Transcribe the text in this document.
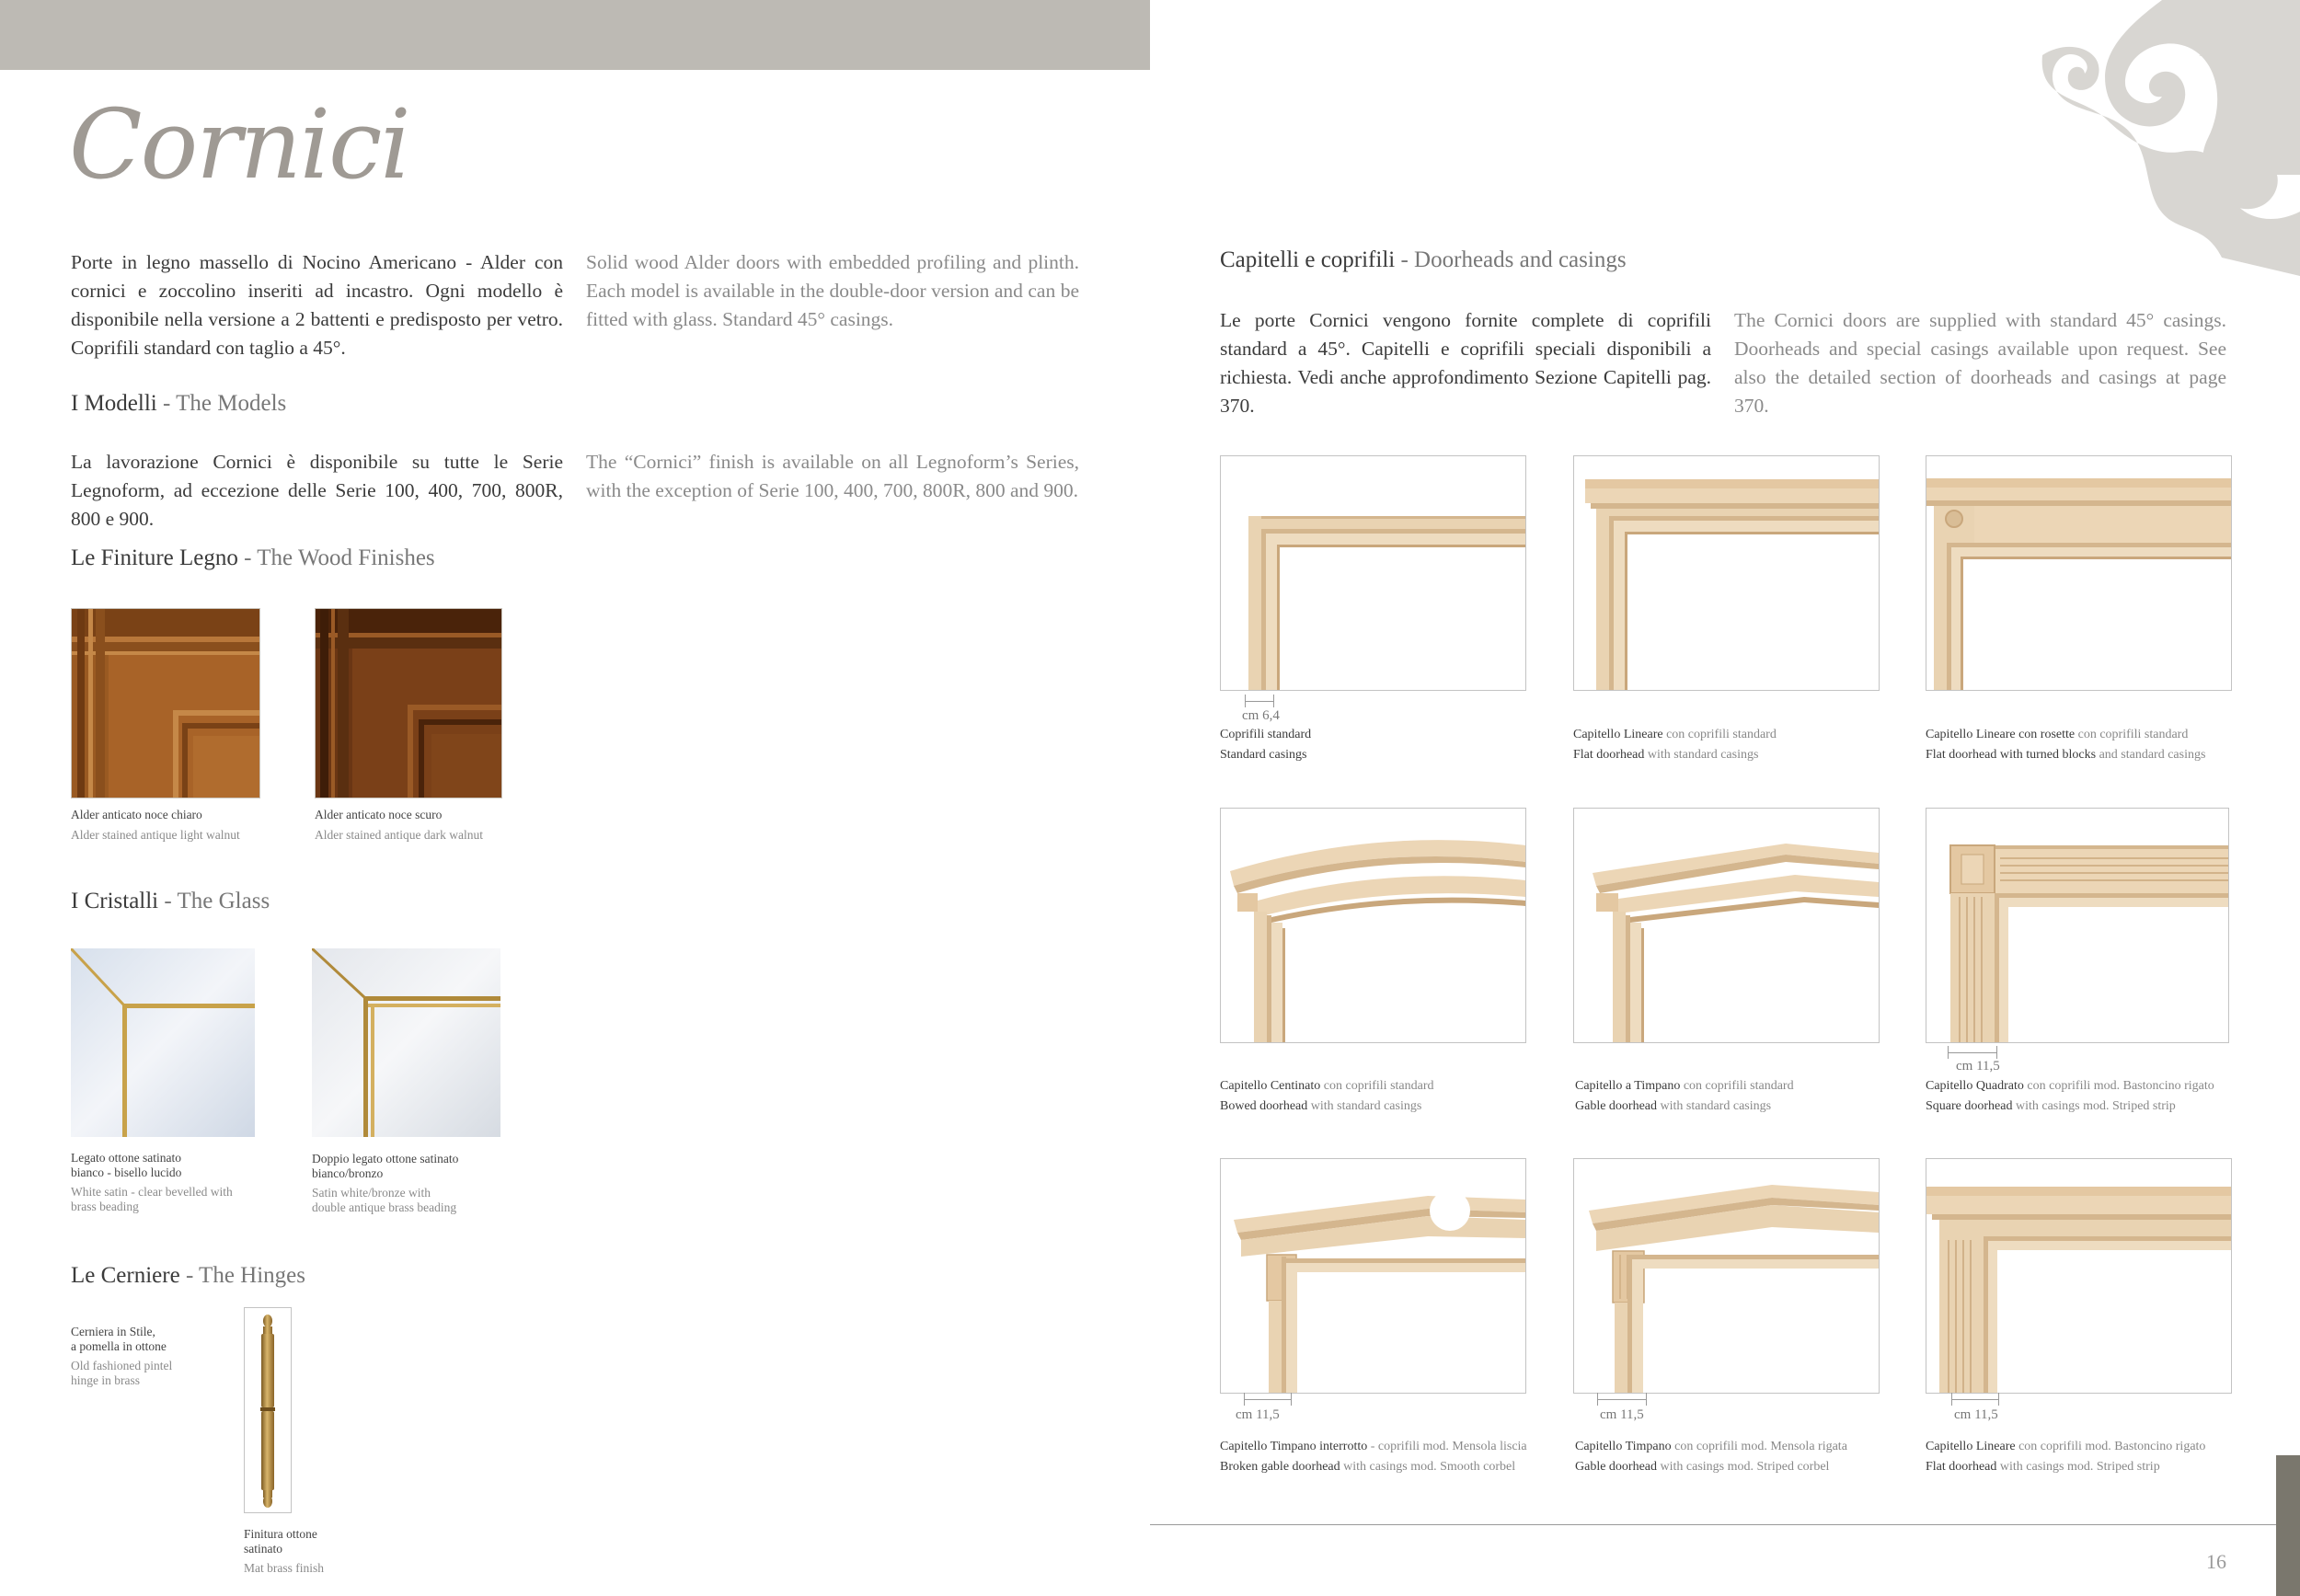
Cornici
Porte in legno massello di Nocino Americano - Alder con cornici e zoccolino inseriti ad incastro. Ogni modello è disponibile nella versione a 2 battenti e predisposto per vetro. Coprifili standard con taglio a 45°.
Solid wood Alder doors with embedded profiling and plinth. Each model is available in the double-door version and can be fitted with glass. Standard 45° casings.
I Modelli - The Models
La lavorazione Cornici è disponibile su tutte le Serie Legnoform, ad eccezione delle Serie 100, 400, 700, 800R, 800 e 900.
The “Cornici” finish is available on all Legnoform’s Series, with the exception of Serie 100, 400, 700, 800R, 800 and 900.
Le Finiture Legno - The Wood Finishes
Alder anticato noce chiaro
Alder stained antique light walnut
Alder anticato noce scuro
Alder stained antique dark walnut
I Cristalli - The Glass
Legato ottone satinato
bianco - bisello lucido
White satin - clear bevelled with
brass beading
Doppio legato ottone satinato
bianco/bronzo
Satin white/bronze with
double antique brass beading
Le Cerniere - The Hinges
Cerniera in Stile,
a pomella in ottone
Old fashioned pintel
hinge in brass
Finitura ottone
satinato
Mat brass finish
Capitelli e coprifili - Doorheads and casings
Le porte Cornici vengono fornite complete di coprifili standard a 45°. Capitelli e coprifili speciali disponibili a richiesta. Vedi anche approfondimento Sezione Capitelli pag. 370.
The Cornici doors are supplied with standard 45° casings. Doorheads and special casings available upon request. See also the detailed section of doorheads and casings at page 370.
cm 6,4
Coprifili standard
Standard casings
Capitello Lineare con coprifili standard
Flat doorhead with standard casings
Capitello Lineare con rosette con coprifili standard
Flat doorhead with turned blocks and standard casings
cm 11,5
Capitello Centinato con coprifili standard
Bowed doorhead with standard casings
Capitello a Timpano con coprifili standard
Gable doorhead with standard casings
Capitello Quadrato con coprifili mod. Bastoncino rigato
Square doorhead with casings mod. Striped strip
cm 11,5	cm 11,5	cm 11,5
Capitello Timpano interrotto - coprifili mod. Mensola liscia
Broken gable doorhead with casings mod. Smooth corbel
Capitello Timpano con coprifili mod. Mensola rigata
Gable doorhead with casings mod. Striped corbel
Capitello Lineare con coprifili mod. Bastoncino rigato
Flat doorhead with casings mod. Striped strip
16
